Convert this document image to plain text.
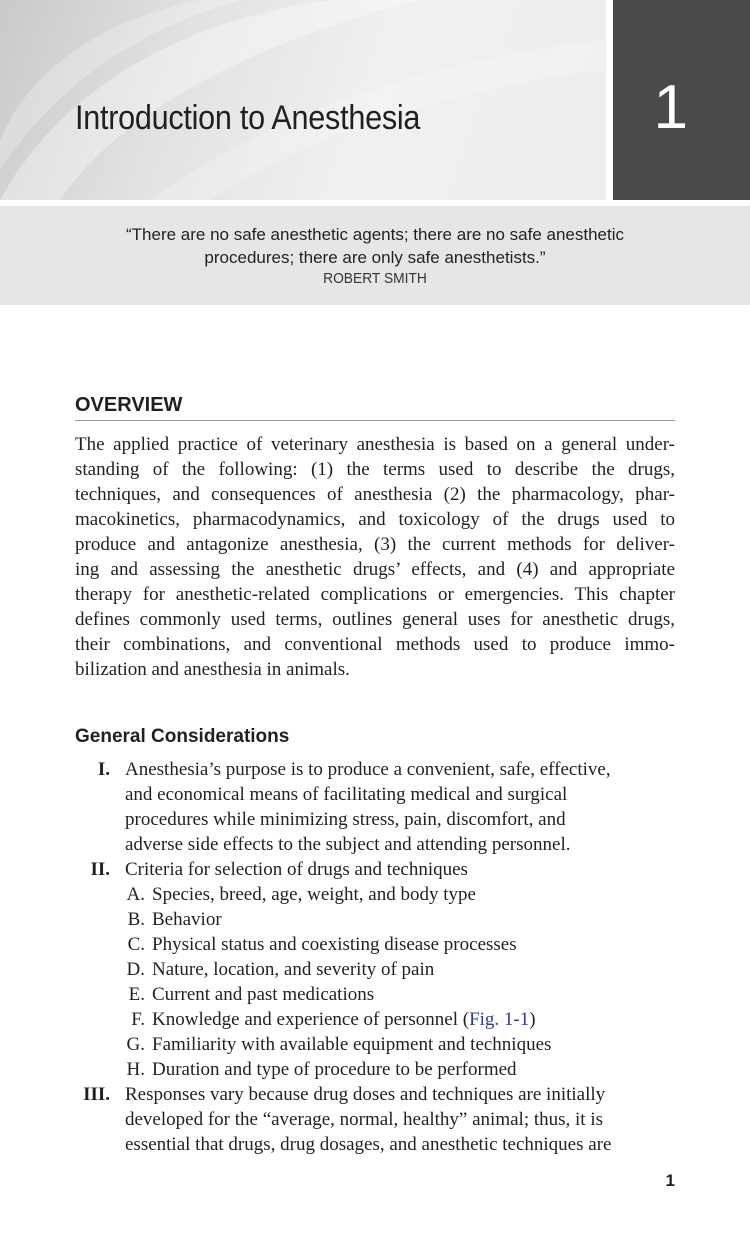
Introduction to Anesthesia	1

“There are no safe anesthetic agents; there are no safe anesthetic
procedures; there are only safe anesthetists.”

ROBERT SMITH
OVERVIEW
The applied practice of veterinary anesthesia is based on a general under-
standing of the following: (1) the terms used to describe the drugs,
techniques, and consequences of anesthesia (2) the pharmacology, phar-
macokinetics, pharmacodynamics, and toxicology of the drugs used to
produce and antagonize anesthesia, (3) the current methods for deliver-
ing and assessing the anesthetic drugs’ effects, and (4) and appropriate
therapy for anesthetic-related complications or emergencies. This chapter
defines commonly used terms, outlines general uses for anesthetic drugs,
their combinations, and conventional methods used to produce immo-
bilization and anesthesia in animals.
General Considerations
I. Anesthesia’s purpose is to produce a convenient, safe, effective,
and economical means of facilitating medical and surgical
procedures while minimizing stress, pain, discomfort, and
adverse side effects to the subject and attending personnel.
II. Criteria for selection of drugs and techniques
A. Species, breed, age, weight, and body type
B. Behavior
C. Physical status and coexisting disease processes
D. Nature, location, and severity of pain
E. Current and past medications
F. Knowledge and experience of personnel (Fig. 1-1)
G. Familiarity with available equipment and techniques
H. Duration and type of procedure to be performed
III. Responses vary because drug doses and techniques are initially
developed for the “average, normal, healthy” animal; thus, it is
essential that drugs, drug dosages, and anesthetic techniques are
1
